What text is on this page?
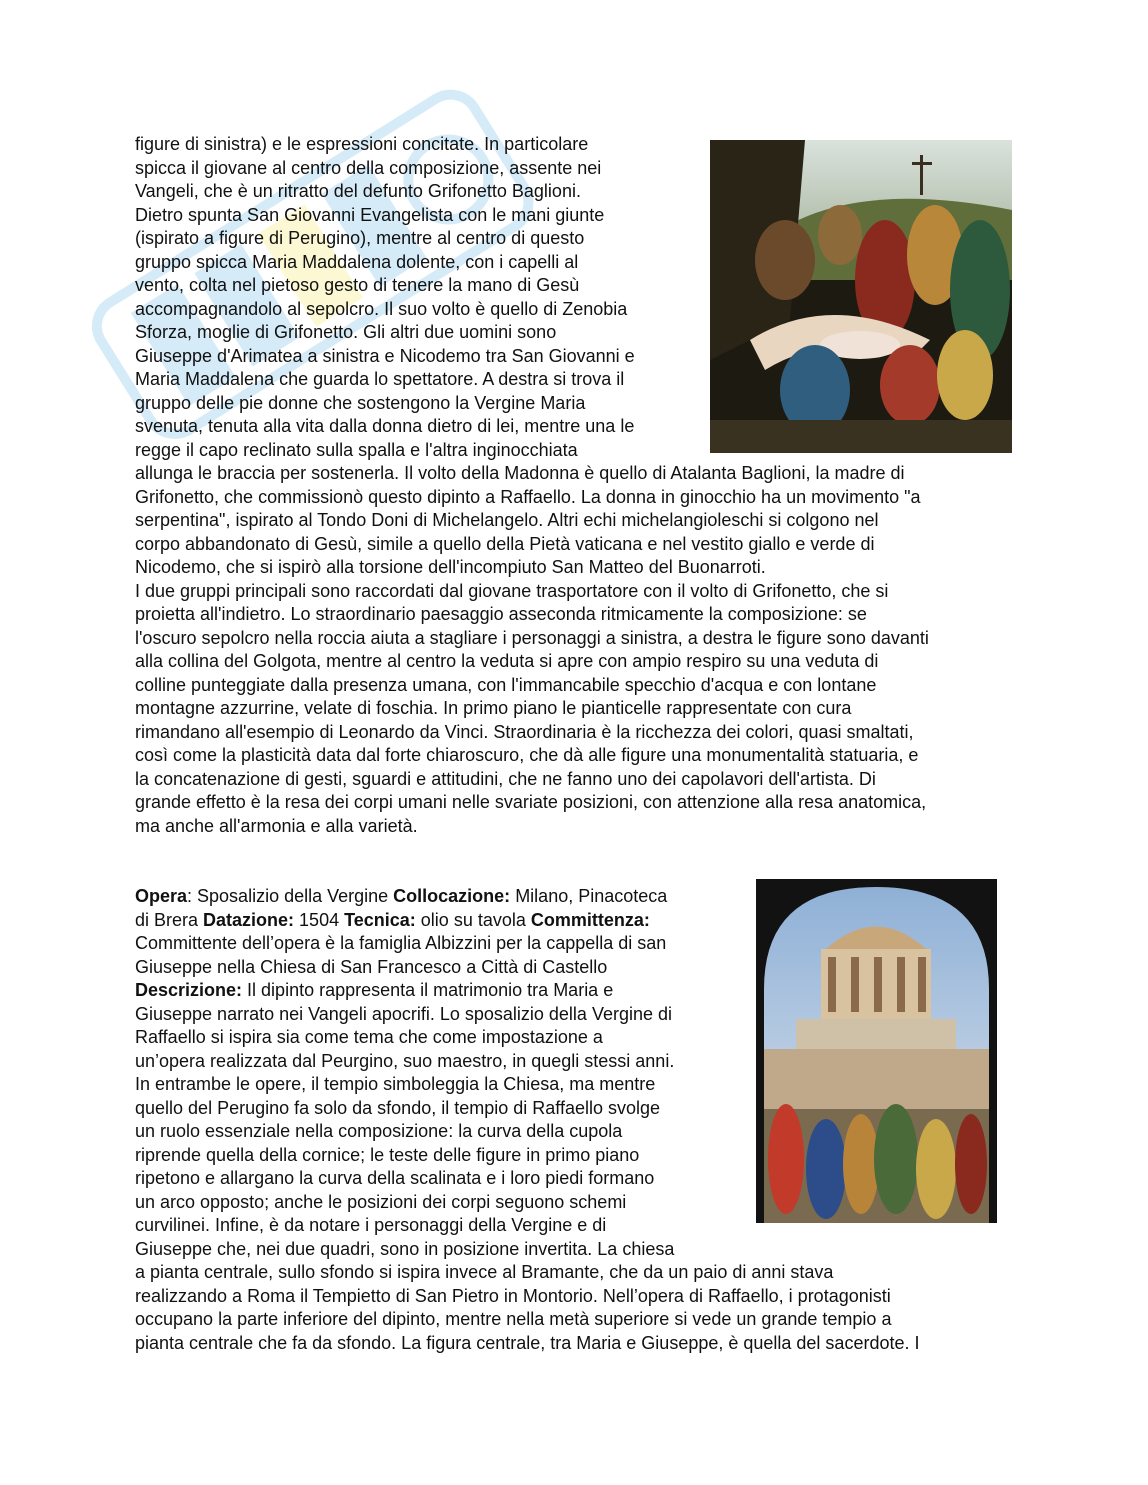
figure di sinistra) e le espressioni concitate. In particolare
spicca il giovane al centro della composizione, assente nei
Vangeli, che è un ritratto del defunto Grifonetto Baglioni.
Dietro spunta San Giovanni Evangelista con le mani giunte
(ispirato a figure di Perugino), mentre al centro di questo
gruppo spicca Maria Maddalena dolente, con i capelli al
vento, colta nel pietoso gesto di tenere la mano di Gesù
accompagnandolo al sepolcro. Il suo volto è quello di Zenobia
Sforza, moglie di Grifonetto. Gli altri due uomini sono
Giuseppe d'Arimatea a sinistra e Nicodemo tra San Giovanni e
Maria Maddalena che guarda lo spettatore. A destra si trova il
gruppo delle pie donne che sostengono la Vergine Maria
svenuta, tenuta alla vita dalla donna dietro di lei, mentre una le
regge il capo reclinato sulla spalla e l'altra inginocchiata
allunga le braccia per sostenerla. Il volto della Madonna è quello di Atalanta Baglioni, la madre di
Grifonetto, che commissionò questo dipinto a Raffaello. La donna in ginocchio ha un movimento "a
serpentina", ispirato al Tondo Doni di Michelangelo. Altri echi michelangioleschi si colgono nel
corpo abbandonato di Gesù, simile a quello della Pietà vaticana e nel vestito giallo e verde di
Nicodemo, che si ispirò alla torsione dell'incompiuto San Matteo del Buonarroti.
I due gruppi principali sono raccordati dal giovane trasportatore con il volto di Grifonetto, che si
proietta all'indietro. Lo straordinario paesaggio asseconda ritmicamente la composizione: se
l'oscuro sepolcro nella roccia aiuta a stagliare i personaggi a sinistra, a destra le figure sono davanti
alla collina del Golgota, mentre al centro la veduta si apre con ampio respiro su una veduta di
colline punteggiate dalla presenza umana, con l'immancabile specchio d'acqua e con lontane
montagne azzurrine, velate di foschia. In primo piano le pianticelle rappresentate con cura
rimandano all'esempio di Leonardo da Vinci. Straordinaria è la ricchezza dei colori, quasi smaltati,
così come la plasticità data dal forte chiaroscuro, che dà alle figure una monumentalità statuaria, e
la concatenazione di gesti, sguardi e attitudini, che ne fanno uno dei capolavori dell'artista. Di
grande effetto è la resa dei corpi umani nelle svariate posizioni, con attenzione alla resa anatomica,
ma anche all'armonia e alla varietà.
Opera: Sposalizio della Vergine Collocazione: Milano, Pinacoteca
di Brera Datazione: 1504 Tecnica: olio su tavola Committenza:
Committente dell’opera è la famiglia Albizzini per la cappella di san
Giuseppe nella Chiesa di San Francesco a Città di Castello
Descrizione: Il dipinto rappresenta il matrimonio tra Maria e
Giuseppe narrato nei Vangeli apocrifi. Lo sposalizio della Vergine di
Raffaello si ispira sia come tema che come impostazione a
un’opera realizzata dal Peurgino, suo maestro, in quegli stessi anni.
In entrambe le opere, il tempio simboleggia la Chiesa, ma mentre
quello del Perugino fa solo da sfondo, il tempio di Raffaello svolge
un ruolo essenziale nella composizione: la curva della cupola
riprende quella della cornice; le teste delle figure in primo piano
ripetono e allargano la curva della scalinata e i loro piedi formano
un arco opposto; anche le posizioni dei corpi seguono schemi
curvilinei. Infine, è da notare i personaggi della Vergine e di
Giuseppe che, nei due quadri, sono in posizione invertita. La chiesa
a pianta centrale, sullo sfondo si ispira invece al Bramante, che da un paio di anni stava
realizzando a Roma il Tempietto di San Pietro in Montorio. Nell’opera di Raffaello, i protagonisti
occupano la parte inferiore del dipinto, mentre nella metà superiore si vede un grande tempio a
pianta centrale che fa da sfondo. La figura centrale, tra Maria e Giuseppe, è quella del sacerdote. I
